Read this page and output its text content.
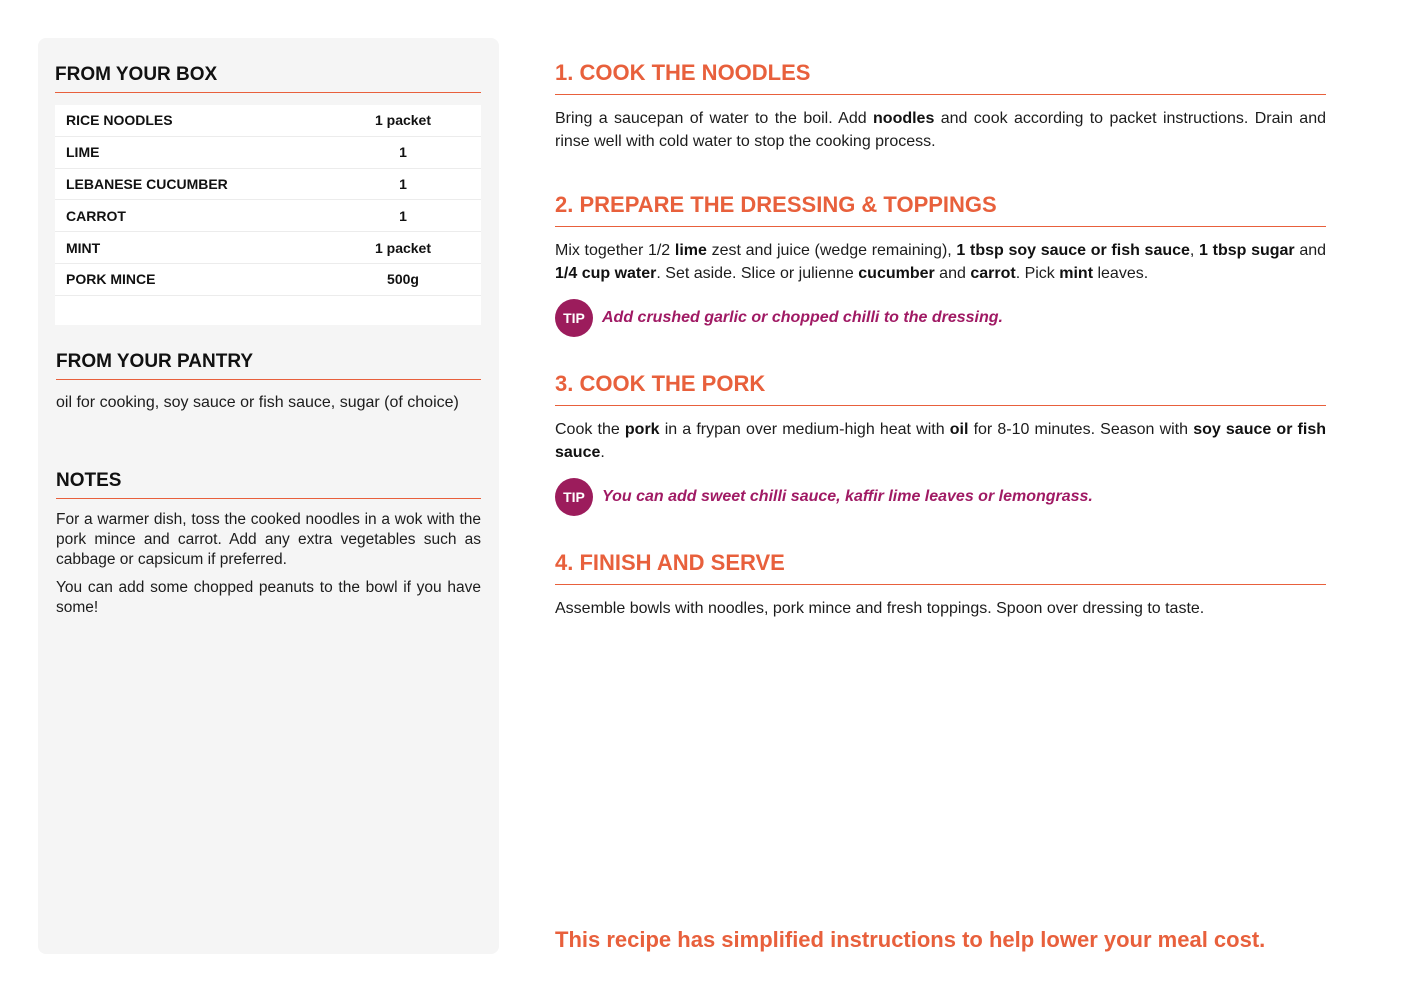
FROM YOUR BOX
RICE NOODLES	1 packet
LIME	1
LEBANESE CUCUMBER	1
CARROT	1
MINT	1 packet
PORK MINCE	500g
FROM YOUR PANTRY
oil for cooking, soy sauce or fish sauce, sugar (of choice)
NOTES

For a warmer dish, toss the cooked noodles in a wok with the pork mince and carrot. Add any extra vegetables such as cabbage or capsicum if preferred.

You can add some chopped peanuts to the bowl if you have some!

1. COOK THE NOODLES
Bring a saucepan of water to the boil. Add noodles and cook according to packet instructions. Drain and rinse well with cold water to stop the cooking process.
2. PREPARE THE DRESSING & TOPPINGS
Mix together 1/2 lime zest and juice (wedge remaining), 1 tbsp soy sauce or fish sauce, 1 tbsp sugar and 1/4 cup water. Set aside. Slice or julienne cucumber and carrot. Pick mint leaves.
TIP	Add crushed garlic or chopped chilli to the dressing.
3. COOK THE PORK
Cook the pork in a frypan over medium-high heat with oil for 8-10 minutes. Season with soy sauce or fish sauce.
TIP	You can add sweet chilli sauce, kaffir lime leaves or lemongrass.
4. FINISH AND SERVE
Assemble bowls with noodles, pork mince and fresh toppings. Spoon over dressing to taste.
This recipe has simplified instructions to help lower your meal cost.
